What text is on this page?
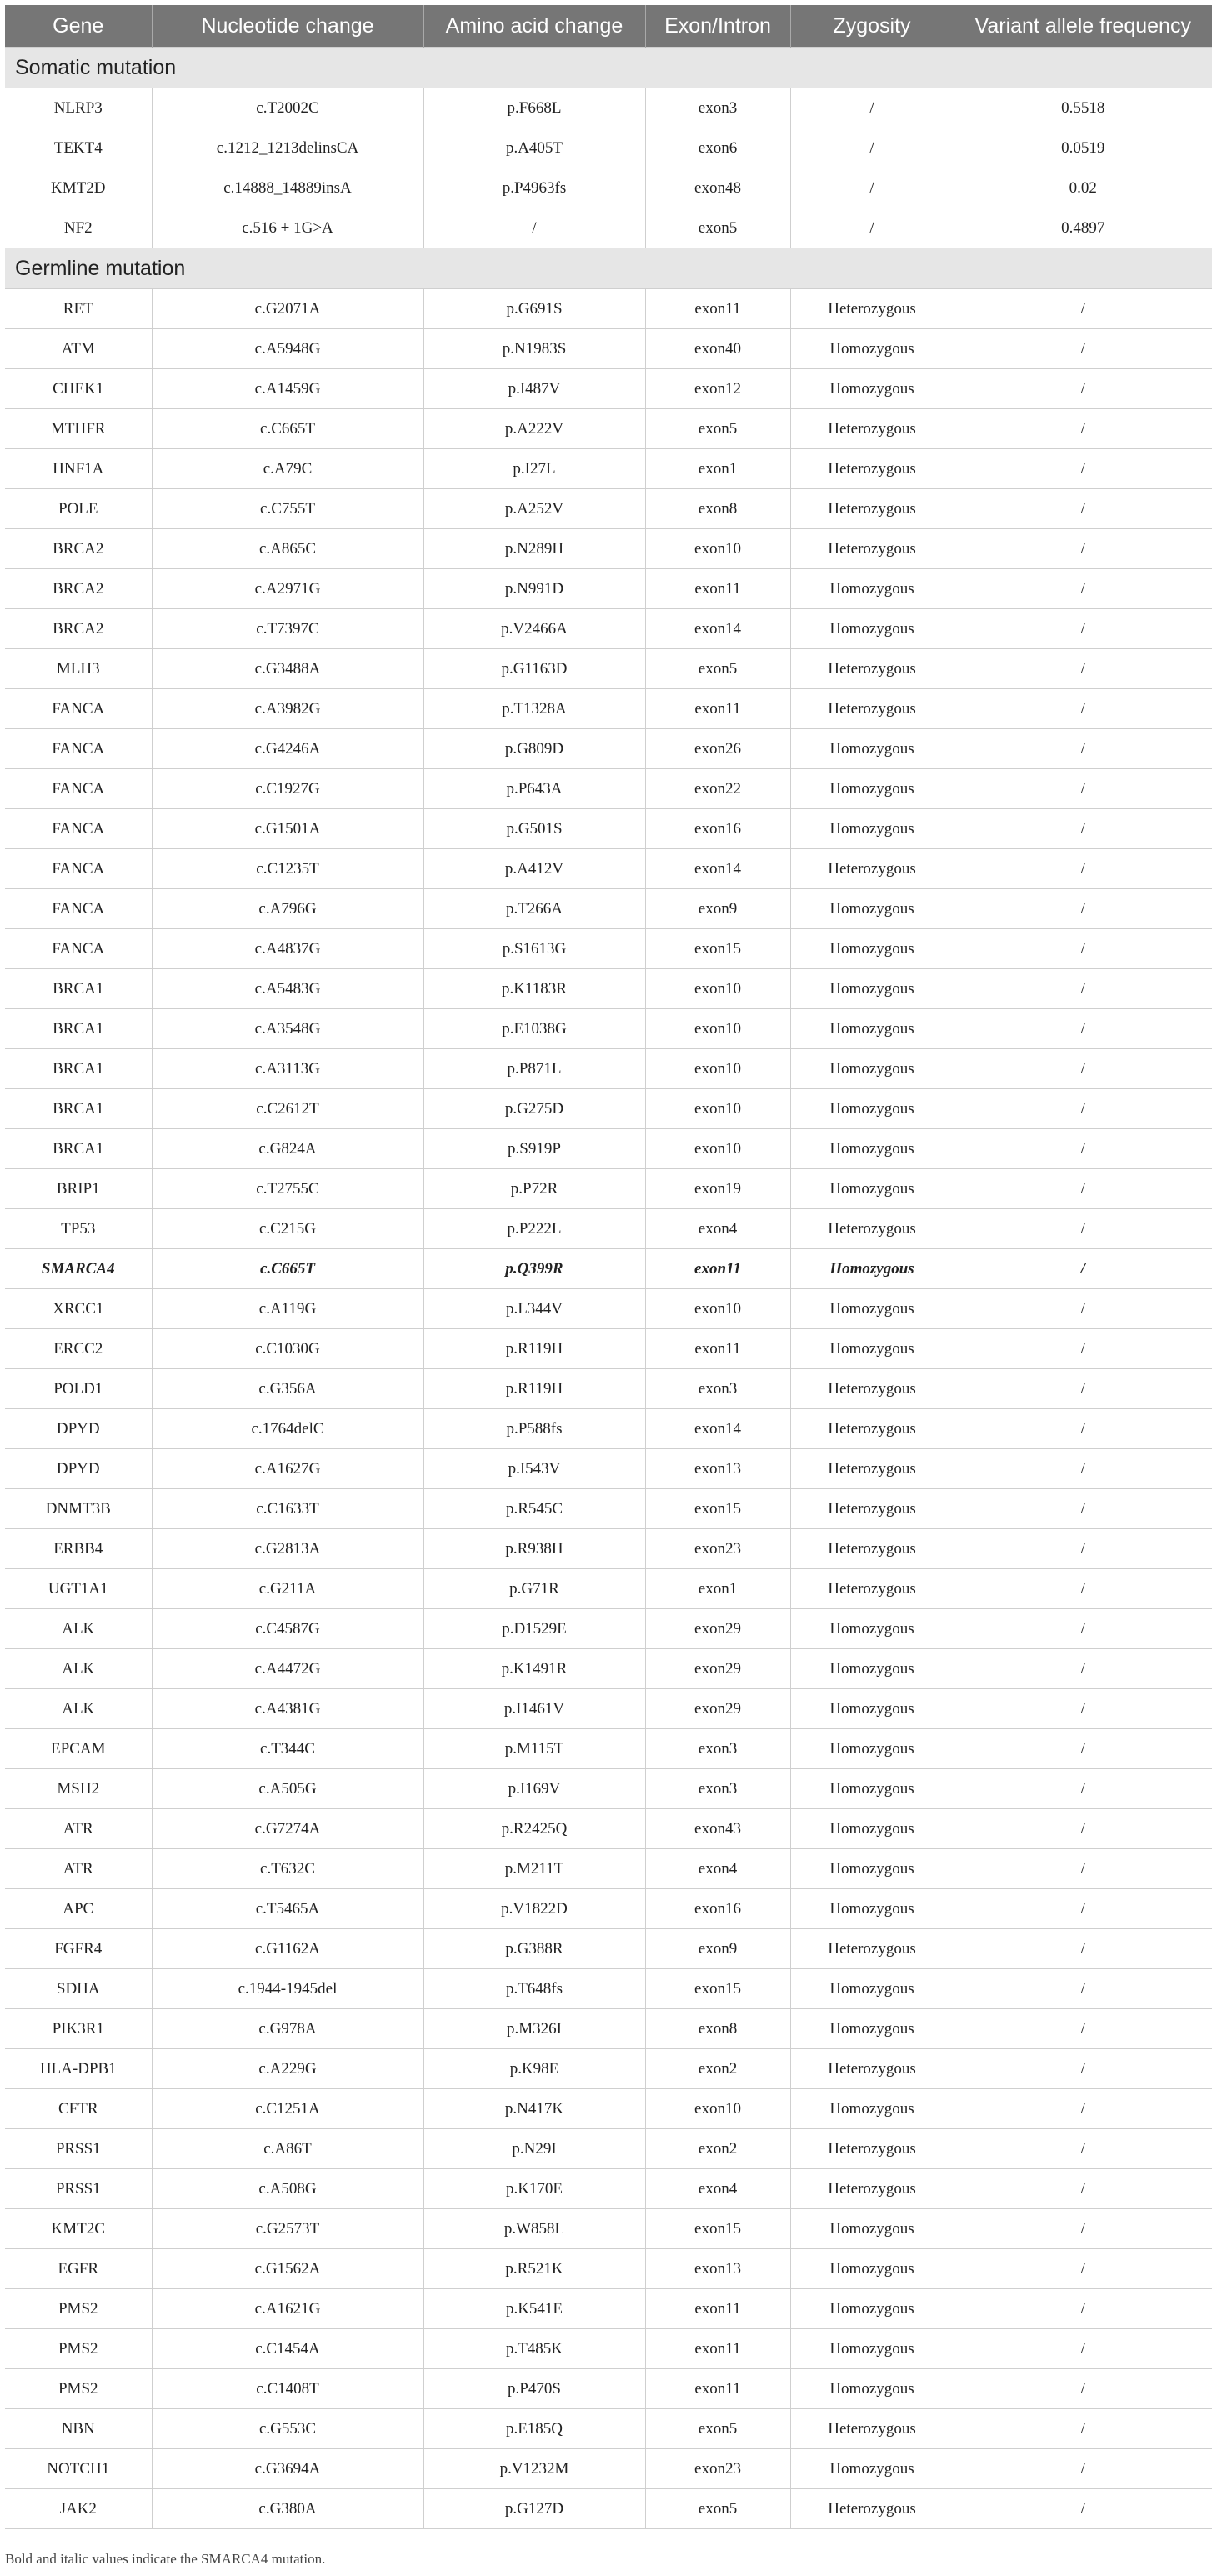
Gene	Nucleotide change	Amino acid change	Exon/Intron	Zygosity	Variant allele frequency
Somatic mutation					
NLRP3	c.T2002C	p.F668L	exon3	/	0.5518
TEKT4	c.1212_1213delinsCA	p.A405T	exon6	/	0.0519
KMT2D	c.14888_14889insA	p.P4963fs	exon48	/	0.02
NF2	c.516 + 1G>A	/	exon5	/	0.4897
Germline mutation					
RET	c.G2071A	p.G691S	exon11	Heterozygous	/
ATM	c.A5948G	p.N1983S	exon40	Homozygous	/
CHEK1	c.A1459G	p.I487V	exon12	Homozygous	/
MTHFR	c.C665T	p.A222V	exon5	Heterozygous	/
HNF1A	c.A79C	p.I27L	exon1	Heterozygous	/
POLE	c.C755T	p.A252V	exon8	Heterozygous	/
BRCA2	c.A865C	p.N289H	exon10	Heterozygous	/
BRCA2	c.A2971G	p.N991D	exon11	Homozygous	/
BRCA2	c.T7397C	p.V2466A	exon14	Homozygous	/
MLH3	c.G3488A	p.G1163D	exon5	Heterozygous	/
FANCA	c.A3982G	p.T1328A	exon11	Heterozygous	/
FANCA	c.G4246A	p.G809D	exon26	Homozygous	/
FANCA	c.C1927G	p.P643A	exon22	Homozygous	/
FANCA	c.G1501A	p.G501S	exon16	Homozygous	/
FANCA	c.C1235T	p.A412V	exon14	Heterozygous	/
FANCA	c.A796G	p.T266A	exon9	Homozygous	/
FANCA	c.A4837G	p.S1613G	exon15	Homozygous	/
BRCA1	c.A5483G	p.K1183R	exon10	Homozygous	/
BRCA1	c.A3548G	p.E1038G	exon10	Homozygous	/
BRCA1	c.A3113G	p.P871L	exon10	Homozygous	/
BRCA1	c.C2612T	p.G275D	exon10	Homozygous	/
BRCA1	c.G824A	p.S919P	exon10	Homozygous	/
BRIP1	c.T2755C	p.P72R	exon19	Homozygous	/
TP53	c.C215G	p.P222L	exon4	Heterozygous	/
SMARCA4	c.C665T	p.Q399R	exon11	Homozygous	/
XRCC1	c.A119G	p.L344V	exon10	Homozygous	/
ERCC2	c.C1030G	p.R119H	exon11	Homozygous	/
POLD1	c.G356A	p.R119H	exon3	Heterozygous	/
DPYD	c.1764delC	p.P588fs	exon14	Heterozygous	/
DPYD	c.A1627G	p.I543V	exon13	Heterozygous	/
DNMT3B	c.C1633T	p.R545C	exon15	Heterozygous	/
ERBB4	c.G2813A	p.R938H	exon23	Heterozygous	/
UGT1A1	c.G211A	p.G71R	exon1	Heterozygous	/
ALK	c.C4587G	p.D1529E	exon29	Homozygous	/
ALK	c.A4472G	p.K1491R	exon29	Homozygous	/
ALK	c.A4381G	p.I1461V	exon29	Homozygous	/
EPCAM	c.T344C	p.M115T	exon3	Homozygous	/
MSH2	c.A505G	p.I169V	exon3	Homozygous	/
ATR	c.G7274A	p.R2425Q	exon43	Homozygous	/
ATR	c.T632C	p.M211T	exon4	Homozygous	/
APC	c.T5465A	p.V1822D	exon16	Homozygous	/
FGFR4	c.G1162A	p.G388R	exon9	Heterozygous	/
SDHA	c.1944-1945del	p.T648fs	exon15	Homozygous	/
PIK3R1	c.G978A	p.M326I	exon8	Homozygous	/
HLA-DPB1	c.A229G	p.K98E	exon2	Heterozygous	/
CFTR	c.C1251A	p.N417K	exon10	Homozygous	/
PRSS1	c.A86T	p.N29I	exon2	Heterozygous	/
PRSS1	c.A508G	p.K170E	exon4	Heterozygous	/
KMT2C	c.G2573T	p.W858L	exon15	Homozygous	/
EGFR	c.G1562A	p.R521K	exon13	Homozygous	/
PMS2	c.A1621G	p.K541E	exon11	Homozygous	/
PMS2	c.C1454A	p.T485K	exon11	Homozygous	/
PMS2	c.C1408T	p.P470S	exon11	Homozygous	/
NBN	c.G553C	p.E185Q	exon5	Heterozygous	/
NOTCH1	c.G3694A	p.V1232M	exon23	Homozygous	/
JAK2	c.G380A	p.G127D	exon5	Heterozygous	/
Bold and italic values indicate the SMARCA4 mutation.
